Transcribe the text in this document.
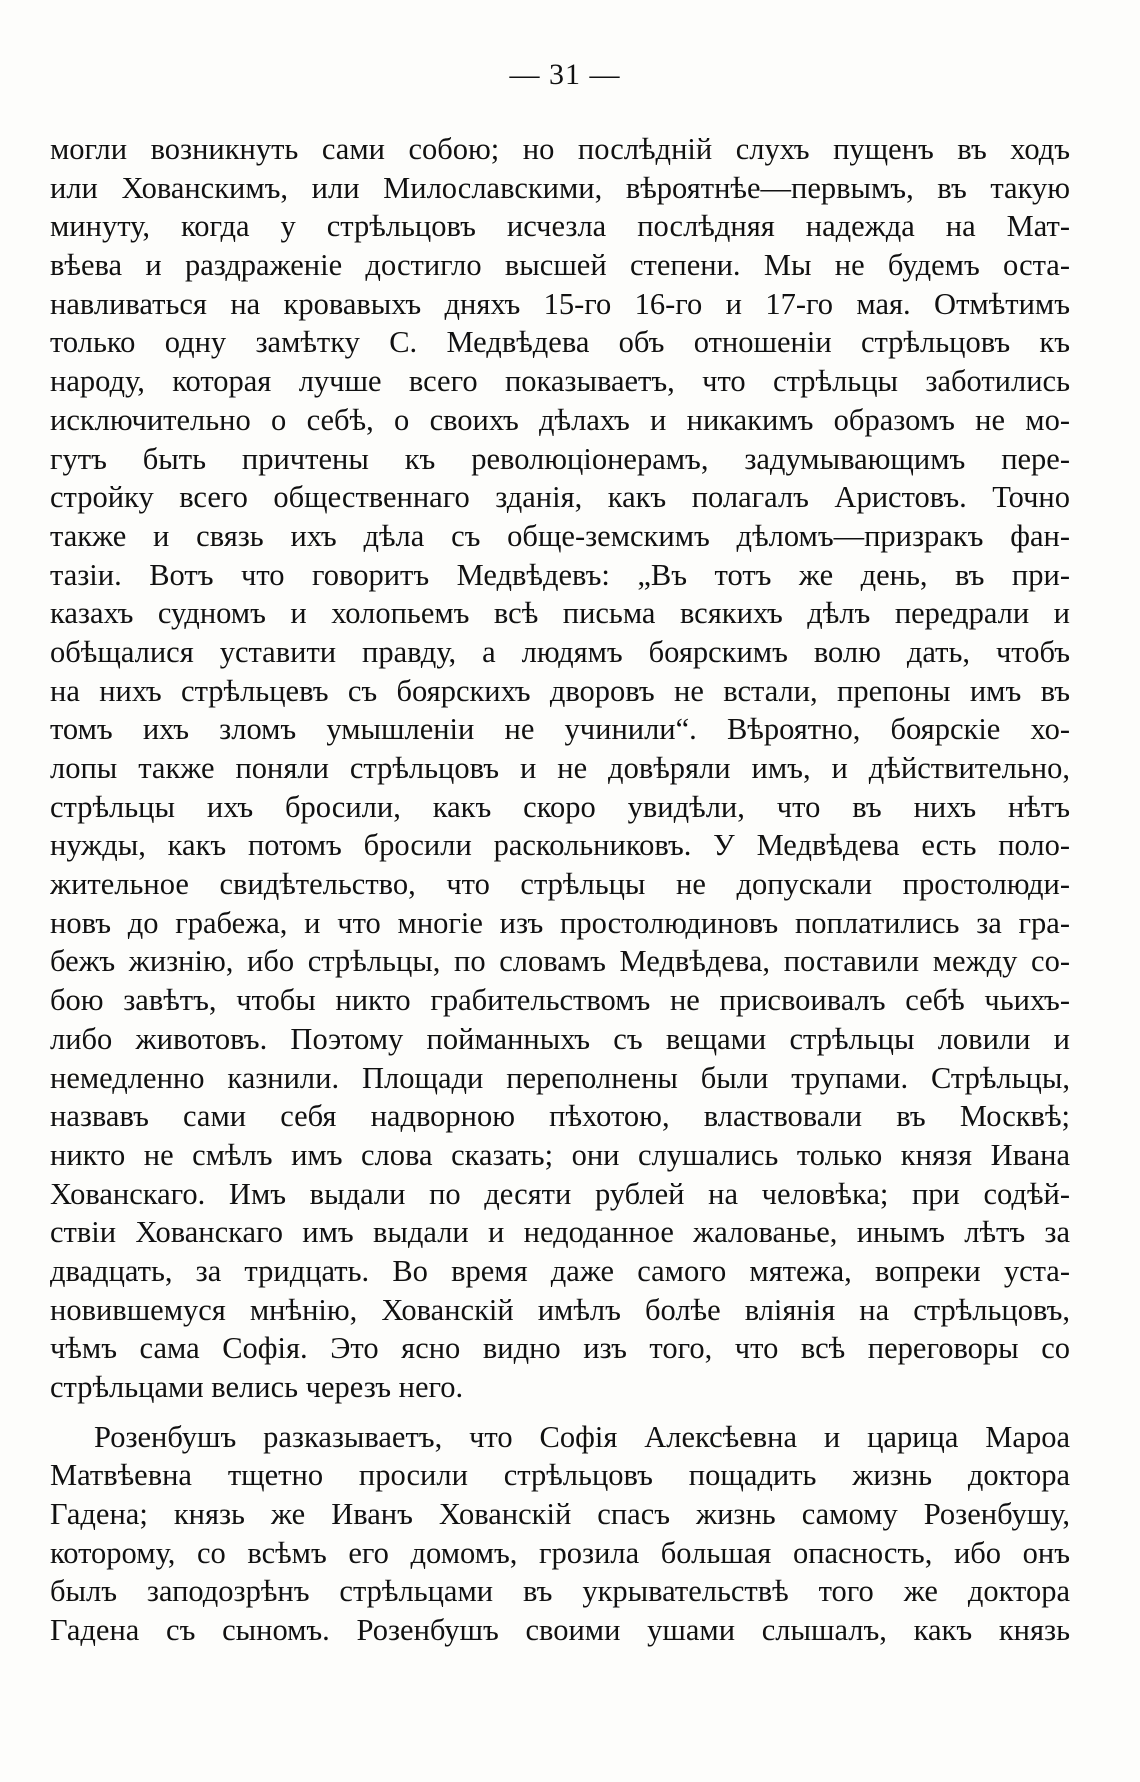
— 31 —
могли возникнуть сами собою; но послѣдній слухъ пущенъ въ ходъ
или Хованскимъ, или Милославскими, вѣроятнѣе—первымъ, въ такую
минуту, когда у стрѣльцовъ исчезла послѣдняя надежда на Мат-
вѣева и раздраженіе достигло высшей степени. Мы не будемъ оста-
навливаться на кровавыхъ дняхъ 15-го 16-го и 17-го мая. Отмѣтимъ
только одну замѣтку С. Медвѣдева объ отношеніи стрѣльцовъ къ
народу, которая лучше всего показываетъ, что стрѣльцы заботились
исключительно о себѣ, о своихъ дѣлахъ и никакимъ образомъ не мо-
гутъ быть причтены къ революціонерамъ, задумывающимъ пере-
стройку всего общественнаго зданія, какъ полагалъ Аристовъ. Точно
также и связь ихъ дѣла съ обще-земскимъ дѣломъ—призракъ фан-
тазіи. Вотъ что говоритъ Медвѣдевъ: „Въ тотъ же день, въ при-
казахъ судномъ и холопьемъ всѣ письма всякихъ дѣлъ передрали и
обѣщалися уставити правду, а людямъ боярскимъ волю дать, чтобъ
на нихъ стрѣльцевъ съ боярскихъ дворовъ не встали, препоны имъ въ
томъ ихъ зломъ умышленіи не учинили“. Вѣроятно, боярскіе хо-
лопы также поняли стрѣльцовъ и не довѣряли имъ, и дѣйствительно,
стрѣльцы ихъ бросили, какъ скоро увидѣли, что въ нихъ нѣтъ
нужды, какъ потомъ бросили раскольниковъ. У Медвѣдева есть поло-
жительное свидѣтельство, что стрѣльцы не допускали простолюди-
новъ до грабежа, и что многіе изъ простолюдиновъ поплатились за гра-
бежъ жизнію, ибо стрѣльцы, по словамъ Медвѣдева, поставили между со-
бою завѣтъ, чтобы никто грабительствомъ не присвоивалъ себѣ чьихъ-
либо животовъ. Поэтому пойманныхъ съ вещами стрѣльцы ловили и
немедленно казнили. Площади переполнены были трупами. Стрѣльцы,
назвавъ сами себя надворною пѣхотою, властвовали въ Москвѣ;
никто не смѣлъ имъ слова сказать; они слушались только князя Ивана
Хованскаго. Имъ выдали по десяти рублей на человѣка; при содѣй-
ствіи Хованскаго имъ выдали и недоданное жалованье, инымъ лѣтъ за
двадцать, за тридцать. Во время даже самого мятежа, вопреки уста-
новившемуся мнѣнію, Хованскій имѣлъ болѣе вліянія на стрѣльцовъ,
чѣмъ сама Софія. Это ясно видно изъ того, что всѣ переговоры со
стрѣльцами велись черезъ него.
Розенбушъ разказываетъ, что Софія Алексѣевна и царица Мароа
Матвѣевна тщетно просили стрѣльцовъ пощадить жизнь доктора
Гадена; князь же Иванъ Хованскій спасъ жизнь самому Розенбушу,
которому, со всѣмъ его домомъ, грозила большая опасность, ибо онъ
былъ заподозрѣнъ стрѣльцами въ укрывательствѣ того же доктора
Гадена съ сыномъ. Розенбушъ своими ушами слышалъ, какъ князь
